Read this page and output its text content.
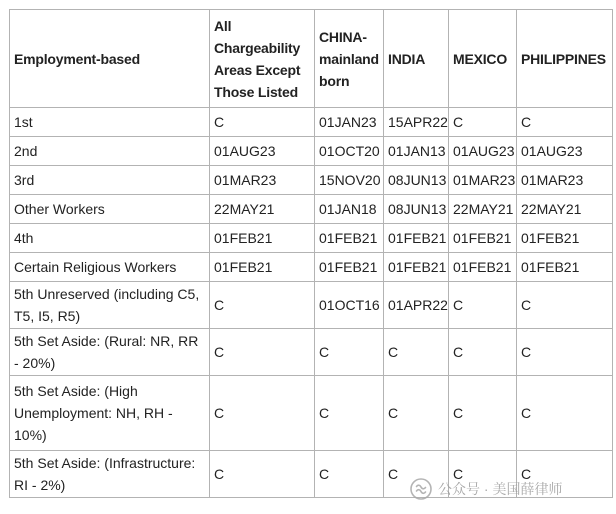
Employment-based	All Chargeability Areas Except Those Listed	CHINA-mainland born	INDIA	MEXICO	PHILIPPINES
1st	C	01JAN23	15APR22	C	C
2nd	01AUG23	01OCT20	01JAN13	01AUG23	01AUG23
3rd	01MAR23	15NOV20	08JUN13	01MAR23	01MAR23
Other Workers	22MAY21	01JAN18	08JUN13	22MAY21	22MAY21
4th	01FEB21	01FEB21	01FEB21	01FEB21	01FEB21
Certain Religious Workers	01FEB21	01FEB21	01FEB21	01FEB21	01FEB21
5th Unreserved (including C5, T5, I5, R5)	C	01OCT16	01APR22	C	C
5th Set Aside: (Rural: NR, RR - 20%)	C	C	C	C	C
5th Set Aside: (High Unemployment: NH, RH - 10%)	C	C	C	C	C
5th Set Aside: (Infrastructure: RI - 2%)	C	C	C	C	C
公众号 · 美国薛律师
